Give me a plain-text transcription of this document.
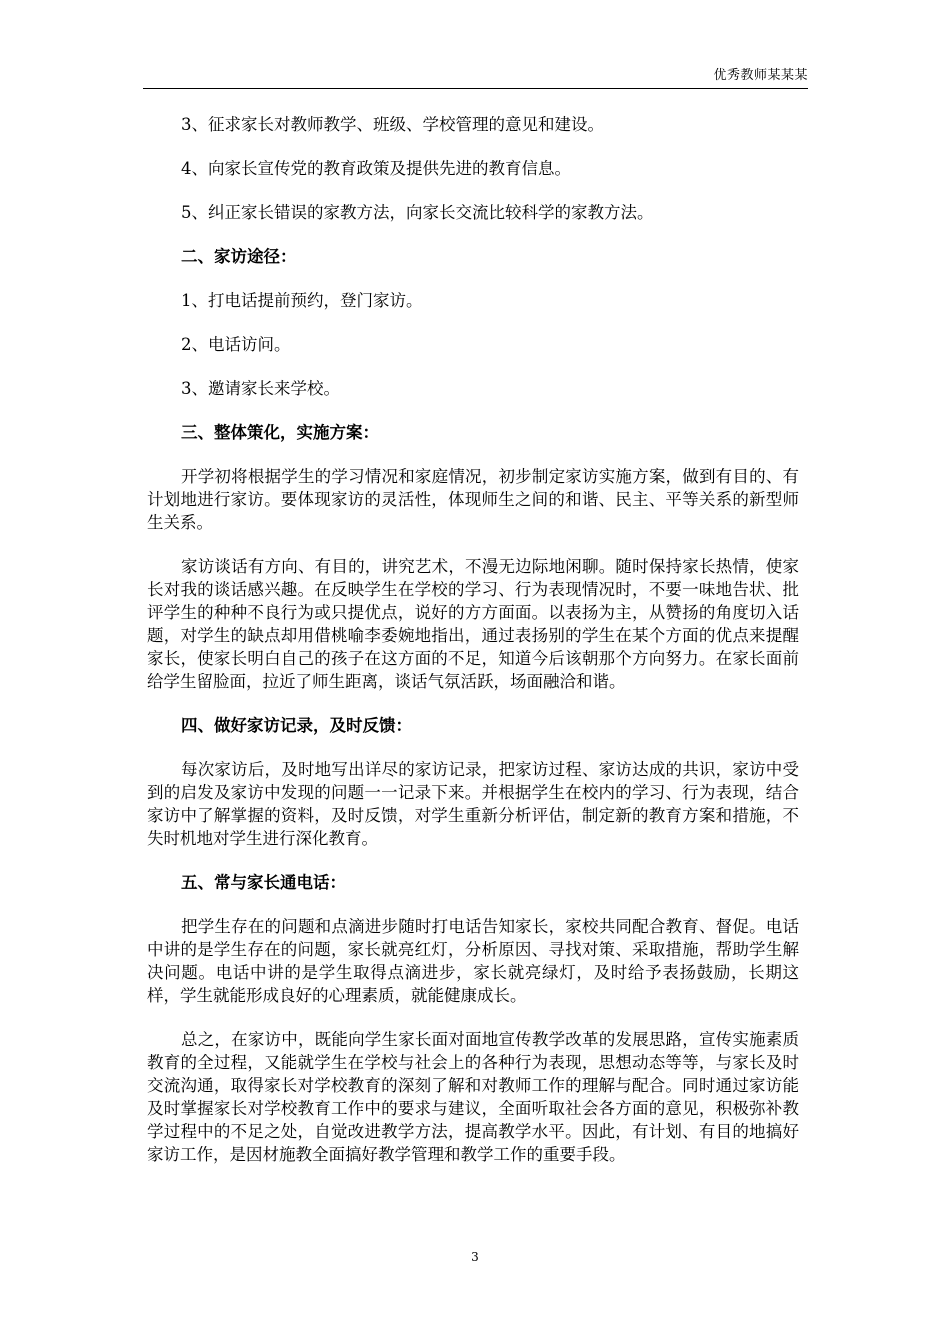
优秀教师某某某

3、征求家长对教师教学、班级、学校管理的意见和建设。

4、向家长宣传党的教育政策及提供先进的教育信息。

5、纠正家长错误的家教方法，向家长交流比较科学的家教方法。

二、家访途径：

1、打电话提前预约，登门家访。

2、电话访问。

3、邀请家长来学校。

三、整体策化，实施方案：

开学初将根据学生的学习情况和家庭情况，初步制定家访实施方案，做到有目的、有计划地进行家访。要体现家访的灵活性，体现师生之间的和谐、民主、平等关系的新型师生关系。

家访谈话有方向、有目的，讲究艺术，不漫无边际地闲聊。随时保持家长热情，使家长对我的谈话感兴趣。在反映学生在学校的学习、行为表现情况时，不要一味地告状、批评学生的种种不良行为或只提优点，说好的方方面面。以表扬为主，从赞扬的角度切入话题，对学生的缺点却用借桃喻李委婉地指出，通过表扬别的学生在某个方面的优点来提醒家长，使家长明白自己的孩子在这方面的不足，知道今后该朝那个方向努力。在家长面前给学生留脸面，拉近了师生距离，谈话气氛活跃，场面融洽和谐。

四、做好家访记录，及时反馈：

每次家访后，及时地写出详尽的家访记录，把家访过程、家访达成的共识，家访中受到的启发及家访中发现的问题一一记录下来。并根据学生在校内的学习、行为表现，结合家访中了解掌握的资料，及时反馈，对学生重新分析评估，制定新的教育方案和措施，不失时机地对学生进行深化教育。

五、常与家长通电话：

把学生存在的问题和点滴进步随时打电话告知家长，家校共同配合教育、督促。电话中讲的是学生存在的问题，家长就亮红灯，分析原因、寻找对策、采取措施，帮助学生解决问题。电话中讲的是学生取得点滴进步，家长就亮绿灯，及时给予表扬鼓励，长期这样，学生就能形成良好的心理素质，就能健康成长。

总之，在家访中，既能向学生家长面对面地宣传教学改革的发展思路，宣传实施素质教育的全过程，又能就学生在学校与社会上的各种行为表现，思想动态等等，与家长及时交流沟通，取得家长对学校教育的深刻了解和对教师工作的理解与配合。同时通过家访能及时掌握家长对学校教育工作中的要求与建议，全面听取社会各方面的意见，积极弥补教学过程中的不足之处，自觉改进教学方法，提高教学水平。因此，有计划、有目的地搞好家访工作，是因材施教全面搞好教学管理和教学工作的重要手段。

3
